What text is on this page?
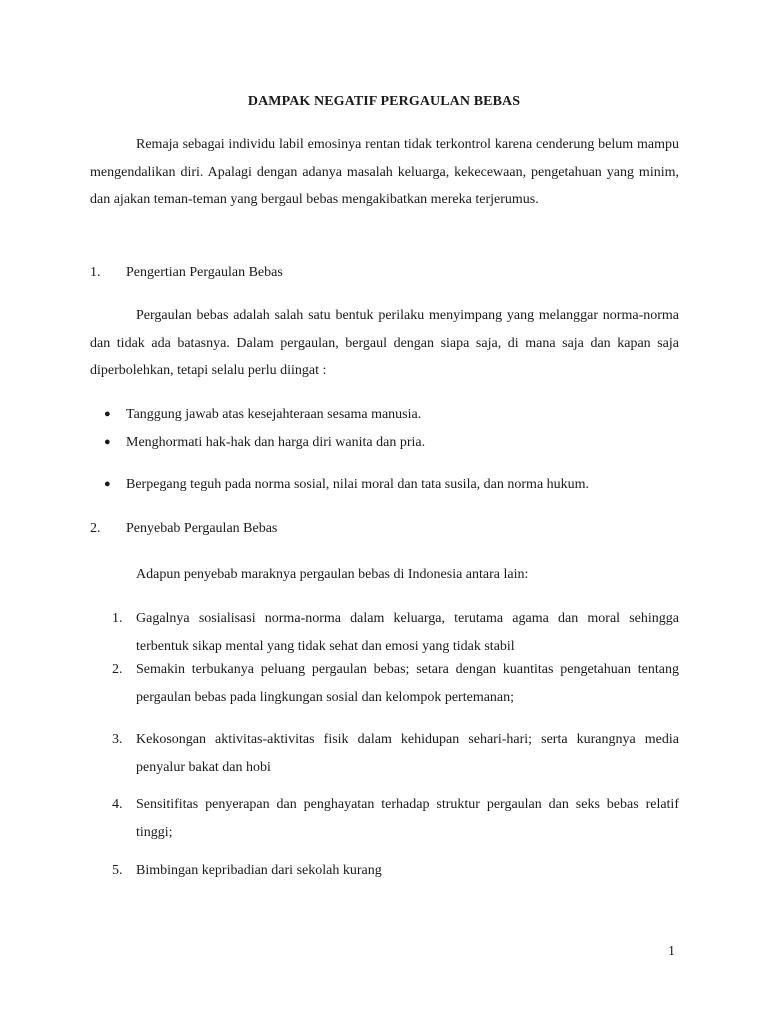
DAMPAK NEGATIF PERGAULAN BEBAS

Remaja sebagai individu labil emosinya rentan tidak terkontrol karena cenderung belum mampu mengendalikan diri. Apalagi dengan adanya masalah keluarga, kekecewaan, pengetahuan yang minim, dan ajakan teman-teman yang bergaul bebas mengakibatkan mereka terjerumus.

1. Pengertian Pergaulan Bebas

Pergaulan bebas adalah salah satu bentuk perilaku menyimpang yang melanggar norma-norma dan tidak ada batasnya. Dalam pergaulan, bergaul dengan siapa saja, di mana saja dan kapan saja diperbolehkan, tetapi selalu perlu diingat :

● Tanggung jawab atas kesejahteraan sesama manusia.
● Menghormati hak-hak dan harga diri wanita dan pria.
● Berpegang teguh pada norma sosial, nilai moral dan tata susila, dan norma hukum.
2. Penyebab Pergaulan Bebas

Adapun penyebab maraknya pergaulan bebas di Indonesia antara lain:

1. Gagalnya sosialisasi norma-norma dalam keluarga, terutama agama dan moral sehingga terbentuk sikap mental yang tidak sehat dan emosi yang tidak stabil
2. Semakin terbukanya peluang pergaulan bebas; setara dengan kuantitas pengetahuan tentang pergaulan bebas pada lingkungan sosial dan kelompok pertemanan;
3. Kekosongan aktivitas-aktivitas fisik dalam kehidupan sehari-hari; serta kurangnya media penyalur bakat dan hobi
4. Sensitifitas penyerapan dan penghayatan terhadap struktur pergaulan dan seks bebas relatif tinggi;
5. Bimbingan kepribadian dari sekolah kurang
1
